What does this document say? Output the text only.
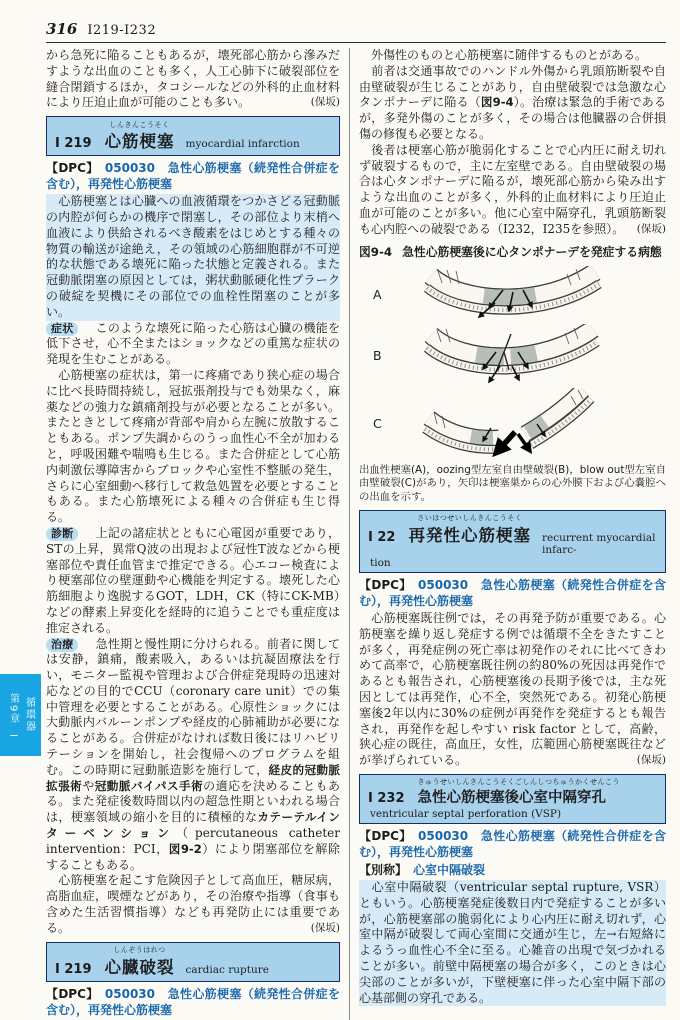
316 I219-I232

から急死に陥ることもあるが，壊死部心筋から滲みだすような出血のことも多く，人工心肺下に破裂部位を縫合閉鎖するほか，タコシールなどの外科的止血材料により圧迫止血が可能のことも多い。	(保坂)

I 219
しんきんこうそく
心筋梗塞 myocardial infarction

【DPC】　 050030　 急性心筋梗塞（続発性合併症を含む），再発性心筋梗塞

　心筋梗塞とは心臓への血液循環をつかさどる冠動脈の内腔が何らかの機序で閉塞し，その部位より末梢へ血液により供給されるべき酸素をはじめとする種々の物質の輸送が途絶え，その領域の心筋細胞群が不可逆的な状態である壊死に陥った状態と定義される。また冠動脈閉塞の原因としては，粥状動脈硬化性プラークの破綻を契機にその部位での血栓性閉塞のことが多い。

症状　このような壊死に陥った心筋は心臓の機能を低下させ，心不全またはショックなどの重篤な症状の発現を生むことがある。

　心筋梗塞の症状は，第一に疼痛であり狭心症の場合に比べ長時間持続し，冠拡張剤投与でも効果なく，麻薬などの強力な鎮痛剤投与が必要となることが多い。またときとして疼痛が背部や肩から左腕に放散することもある。ポンプ失調からのうっ血性心不全が加わると，呼吸困難や喘鳴も生じる。また合併症として心筋内刺激伝導障害からブロックや心室性不整脈の発生，さらに心室細動へ移行して救急処置を必要とすることもある。また心筋壊死による種々の合併症も生じ得る。

診断　上記の諸症状とともに心電図が重要であり，STの上昇，異常Q波の出現および冠性T波などから梗塞部位や責任血管まで推定できる。心エコー検査により梗塞部位の壁運動や心機能を判定する。壊死した心筋細胞より逸脱するGOT，LDH，CK（特にCK-MB）などの酵素上昇変化を経時的に追うことでも重症度は推定される。

治療　急性期と慢性期に分けられる。前者に関しては安静，鎮痛，酸素吸入，あるいは抗凝固療法を行い，モニター監視や管理および合併症発現時の迅速対応などの目的でCCU（coronary care unit）での集中管理を必要とすることがある。心原性ショックには大動脈内バルーンポンプや経皮的心肺補助が必要になることがある。合併症がなければ数日後にはリハビリテーションを開始し，社会復帰へのプログラムを組む。この時期に冠動脈造影を施行して，経皮的冠動脈拡張術や冠動脈バイパス手術の適応を決めることもある。また発症後数時間以内の超急性期といわれる場合は，梗塞領域の縮小を目的に積極的なカテーテルインターベンション（percutaneous catheter intervention：PCI，図9-2）により閉塞部位を解除することもある。

　心筋梗塞を起こす危険因子として高血圧，糖尿病，高脂血症，喫煙などがあり，その治療や指導（食事も含めた生活習慣指導）なども再発防止には重要である。	(保坂)

I 219
しんぞうはれつ
心臓破裂 cardiac rupture

【DPC】　 050030　 急性心筋梗塞（続発性合併症を含む），再発性心筋梗塞

　外傷性のものと心筋梗塞に随伴するものとがある。

　前者は交通事故でのハンドル外傷から乳頭筋断裂や自由壁破裂が生じることがあり，自由壁破裂では急激な心タンポナーデに陥る（図9-4）。治療は緊急的手術であるが，多発外傷のことが多く，その場合は他臓器の合併損傷の修復も必要となる。

　後者は梗塞心筋が脆弱化することで心内圧に耐え切れず破裂するもので，主に左室壁である。自由壁破裂の場合は心タンポナーデに陥るが，壊死部心筋から染み出すような出血のことが多く，外科的止血材料により圧迫止血が可能のことが多い。他に心室中隔穿孔，乳頭筋断裂も心内腔への破裂である（I232，I235を参照）。	(保坂)

図9-4 急性心筋梗塞後に心タンポナーデを発症する病態
A
B
C

出血性梗塞(A)，oozing型左室自由壁破裂(B)，blow out型左室自由壁破裂(C)があり，矢印は梗塞巣からの心外膜下および心嚢腔への出血を示す。

I 22
さいはつせいしんきんこうそく
再発性心筋梗塞 recurrent myocardial infarc-
tion

【DPC】　 050030　 急性心筋梗塞（続発性合併症を含む），再発性心筋梗塞

　心筋梗塞既往例では，その再発予防が重要である。心筋梗塞を繰り返し発症する例では循環不全をきたすことが多く，再発症例の死亡率は初発作のそれに比べてきわめて高率で，心筋梗塞既往例の約80%の死因は再発作であるとも報告され，心筋梗塞後の長期予後では，主な死因としては再発作，心不全，突然死である。初発心筋梗塞後2年以内に30%の症例が再発作を発症するとも報告され，再発作を起しやすい risk factor として，高齢，狭心症の既往，高血圧，女性，広範囲心筋梗塞既往などが挙げられている。	(保坂)

I 232
きゅうせいしんきんこうそくごしんしつちゅうかくせんこう
急性心筋梗塞後心室中隔穿孔
ventricular septal perforation (VSP)

【DPC】　 050030　 急性心筋梗塞（続発性合併症を含む），再発性心筋梗塞

【別称】　 心室中隔破裂

　心室中隔破裂（ventricular septal rupture, VSR）ともいう。心筋梗塞発症後数日内で発症することが多いが，心筋梗塞部の脆弱化により心内圧に耐え切れず，心室中隔が破裂して両心室間に交通が生じ，左→右短絡によるうっ血性心不全に至る。心雑音の出現で気づかれることが多い。前壁中隔梗塞の場合が多く，このときは心尖部のことが多いが，下壁梗塞に伴った心室中隔下部の心基部側の穿孔である。

第9章I
循環器
